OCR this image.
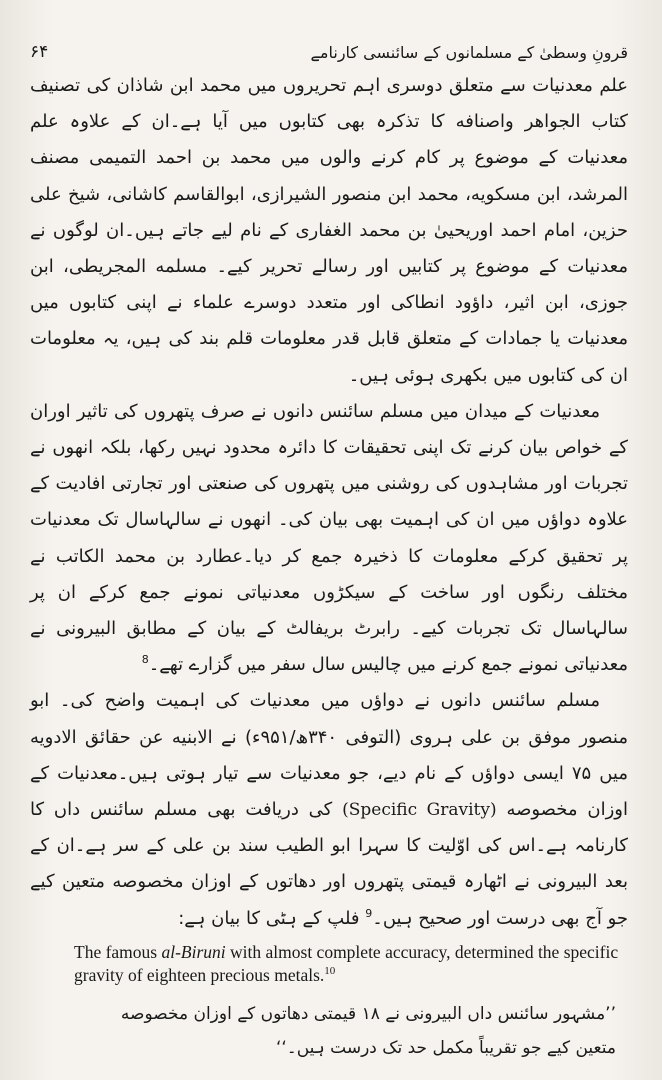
۶۴	قرونِ وسطیٰ کے مسلمانوں کے سائنسی کارنامے

علم معدنیات سے متعلق دوسری اہم تحریروں میں محمد ابن شاذان کی تصنیف کتاب الجواهر واصنافه کا تذکرہ بھی کتابوں میں آیا ہے۔ان کے علاوہ علم معدنیات کے موضوع پر کام کرنے والوں میں محمد بن احمد التمیمی مصنف المرشد، ابن مسکویه، محمد ابن منصور الشیرازی، ابوالقاسم کاشانی، شیخ علی حزین، امام احمد اوریحییٰ بن محمد الغفاری کے نام لیے جاتے ہیں۔ان لوگوں نے معدنیات کے موضوع پر کتابیں اور رسالے تحریر کیے۔ مسلمه المجریطی، ابن جوزی، ابن اثیر، داؤود انطاکی اور متعدد دوسرے علماء نے اپنی کتابوں میں معدنیات یا جمادات کے متعلق قابل قدر معلومات قلم بند کی ہیں، یہ معلومات ان کی کتابوں میں بکھری ہوئی ہیں۔

معدنیات کے میدان میں مسلم سائنس دانوں نے صرف پتھروں کی تاثیر اوران کے خواص بیان کرنے تک اپنی تحقیقات کا دائرہ محدود نہیں رکھا، بلکہ انھوں نے تجربات اور مشاہدوں کی روشنی میں پتھروں کی صنعتی اور تجارتی افادیت کے علاوہ دواؤں میں ان کی اہمیت بھی بیان کی۔ انھوں نے سالہاسال تک معدنیات پر تحقیق کرکے معلومات کا ذخیرہ جمع کر دیا۔عطارد بن محمد الکاتب نے مختلف رنگوں اور ساخت کے سیکڑوں معدنیاتی نمونے جمع کرکے ان پر سالہاسال تک تجربات کیے۔ رابرٹ بریفالٹ کے بیان کے مطابق البیرونی نے معدنیاتی نمونے جمع کرنے میں چالیس سال سفر میں گزارے تھے۔$^8$

مسلم سائنس دانوں نے دواؤں میں معدنیات کی اہمیت واضح کی۔ ابو منصور موفق بن علی ہروی (التوفی ۳۴۰ھ/۹۵۱ء) نے الابنیه عن حقائق الادویه میں ۷۵ ایسی دواؤں کے نام دیے، جو معدنیات سے تیار ہوتی ہیں۔معدنیات کے اوزان مخصوصه (Specific Gravity) کی دریافت بھی مسلم سائنس داں کا کارنامہ ہے۔اس کی اوّلیت کا سہرا ابو الطیب سند بن علی کے سر ہے۔ان کے بعد البیرونی نے اٹھارہ قیمتی پتھروں اور دھاتوں کے اوزان مخصوصه متعین کیے جو آج بھی درست اور صحیح ہیں۔$^9$ فلپ کے ہٹی کا بیان ہے:

The famous al-Biruni with almost complete accuracy, determined the specific gravity of eighteen precious metals.$^{10}$
’’مشہور سائنس داں البیرونی نے ۱۸ قیمتی دھاتوں کے اوزان مخصوصه متعین کیے جو تقریباً مکمل حد تک درست ہیں۔‘‘
